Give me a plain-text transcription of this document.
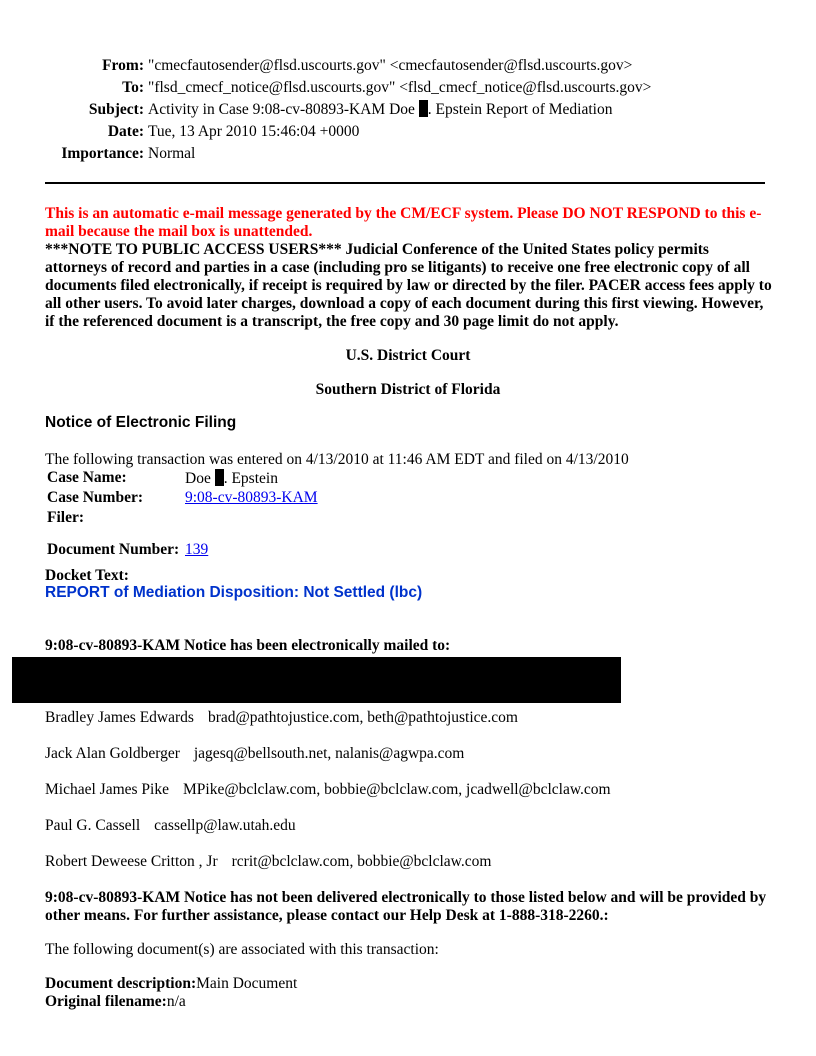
From: "cmecfautosender@flsd.uscourts.gov" <cmecfautosender@flsd.uscourts.gov>
To: "flsd_cmecf_notice@flsd.uscourts.gov" <flsd_cmecf_notice@flsd.uscourts.gov>
Subject: Activity in Case 9:08-cv-80893-KAM Doe . Epstein Report of Mediation
Date: Tue, 13 Apr 2010 15:46:04 +0000
Importance: Normal
This is an automatic e-mail message generated by the CM/ECF system. Please DO NOT RESPOND to this e-mail because the mail box is unattended.
***NOTE TO PUBLIC ACCESS USERS*** Judicial Conference of the United States policy permits attorneys of record and parties in a case (including pro se litigants) to receive one free electronic copy of all documents filed electronically, if receipt is required by law or directed by the filer. PACER access fees apply to all other users. To avoid later charges, download a copy of each document during this first viewing. However, if the referenced document is a transcript, the free copy and 30 page limit do not apply.
U.S. District Court
Southern District of Florida
Notice of Electronic Filing
The following transaction was entered on 4/13/2010 at 11:46 AM EDT and filed on 4/13/2010
Case Name:	Doe . Epstein
Case Number:	9:08-cv-80893-KAM
Filer:	
Document Number:	139
Docket Text:
REPORT of Mediation Disposition: Not Settled (lbc)
9:08-cv-80893-KAM Notice has been electronically mailed to:
Bradley James Edwards brad@pathtojustice.com, beth@pathtojustice.com
Jack Alan Goldberger jagesq@bellsouth.net, nalanis@agwpa.com
Michael James Pike MPike@bclclaw.com, bobbie@bclclaw.com, jcadwell@bclclaw.com
Paul G. Cassell cassellp@law.utah.edu
Robert Deweese Critton , Jr rcrit@bclclaw.com, bobbie@bclclaw.com
9:08-cv-80893-KAM Notice has not been delivered electronically to those listed below and will be provided by other means. For further assistance, please contact our Help Desk at 1-888-318-2260.:
The following document(s) are associated with this transaction:
Document description:Main Document
Original filename:n/a
